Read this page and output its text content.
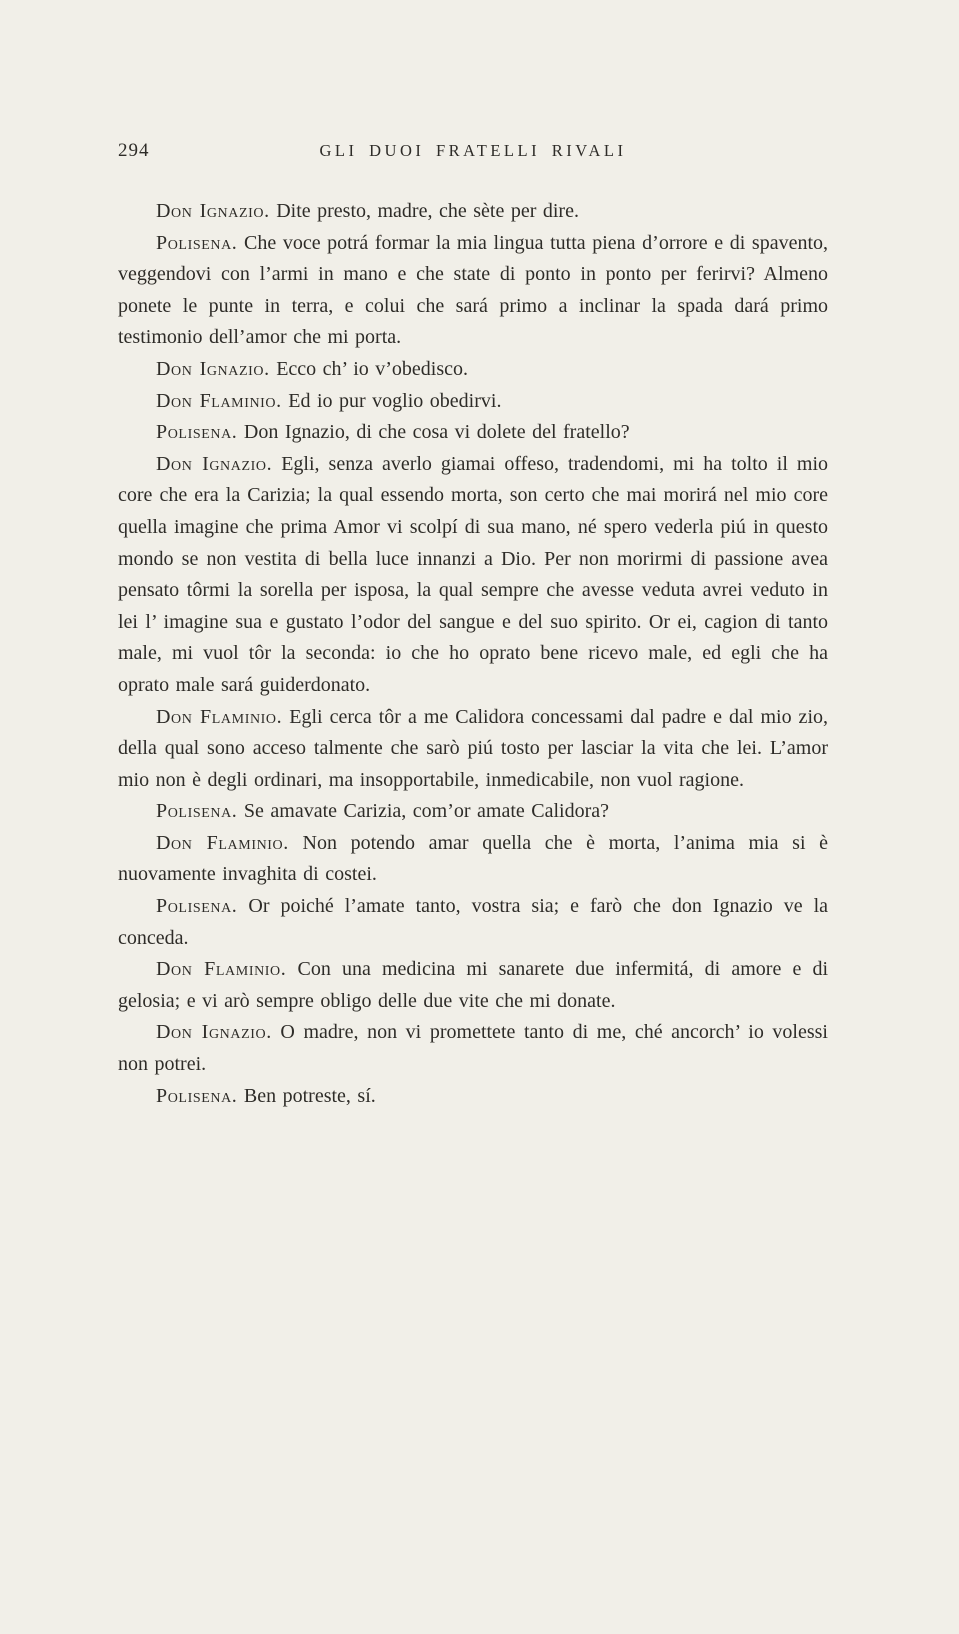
294	GLI DUOI FRATELLI RIVALI

Don Ignazio. Dite presto, madre, che sète per dire.

Polisena. Che voce potrá formar la mia lingua tutta piena d’orrore e di spavento, veggendovi con l’armi in mano e che state di ponto in ponto per ferirvi? Almeno ponete le punte in terra, e colui che sará primo a inclinar la spada dará primo testimonio dell’amor che mi porta.

Don Ignazio. Ecco ch’ io v’obedisco.

Don Flaminio. Ed io pur voglio obedirvi.

Polisena. Don Ignazio, di che cosa vi dolete del fratello?

Don Ignazio. Egli, senza averlo giamai offeso, tradendomi, mi ha tolto il mio core che era la Carizia; la qual essendo morta, son certo che mai morirá nel mio core quella imagine che prima Amor vi scolpí di sua mano, né spero vederla piú in questo mondo se non vestita di bella luce innanzi a Dio. Per non morirmi di passione avea pensato tôrmi la sorella per isposa, la qual sempre che avesse veduta avrei veduto in lei l’ imagine sua e gustato l’odor del sangue e del suo spirito. Or ei, cagion di tanto male, mi vuol tôr la seconda: io che ho oprato bene ricevo male, ed egli che ha oprato male sará guiderdonato.

Don Flaminio. Egli cerca tôr a me Calidora concessami dal padre e dal mio zio, della qual sono acceso talmente che sarò piú tosto per lasciar la vita che lei. L’amor mio non è degli ordinari, ma insopportabile, inmedicabile, non vuol ragione.

Polisena. Se amavate Carizia, com’or amate Calidora?

Don Flaminio. Non potendo amar quella che è morta, l’anima mia si è nuovamente invaghita di costei.

Polisena. Or poiché l’amate tanto, vostra sia; e farò che don Ignazio ve la conceda.

Don Flaminio. Con una medicina mi sanarete due infermitá, di amore e di gelosia; e vi arò sempre obligo delle due vite che mi donate.

Don Ignazio. O madre, non vi promettete tanto di me, ché ancorch’ io volessi non potrei.

Polisena. Ben potreste, sí.
